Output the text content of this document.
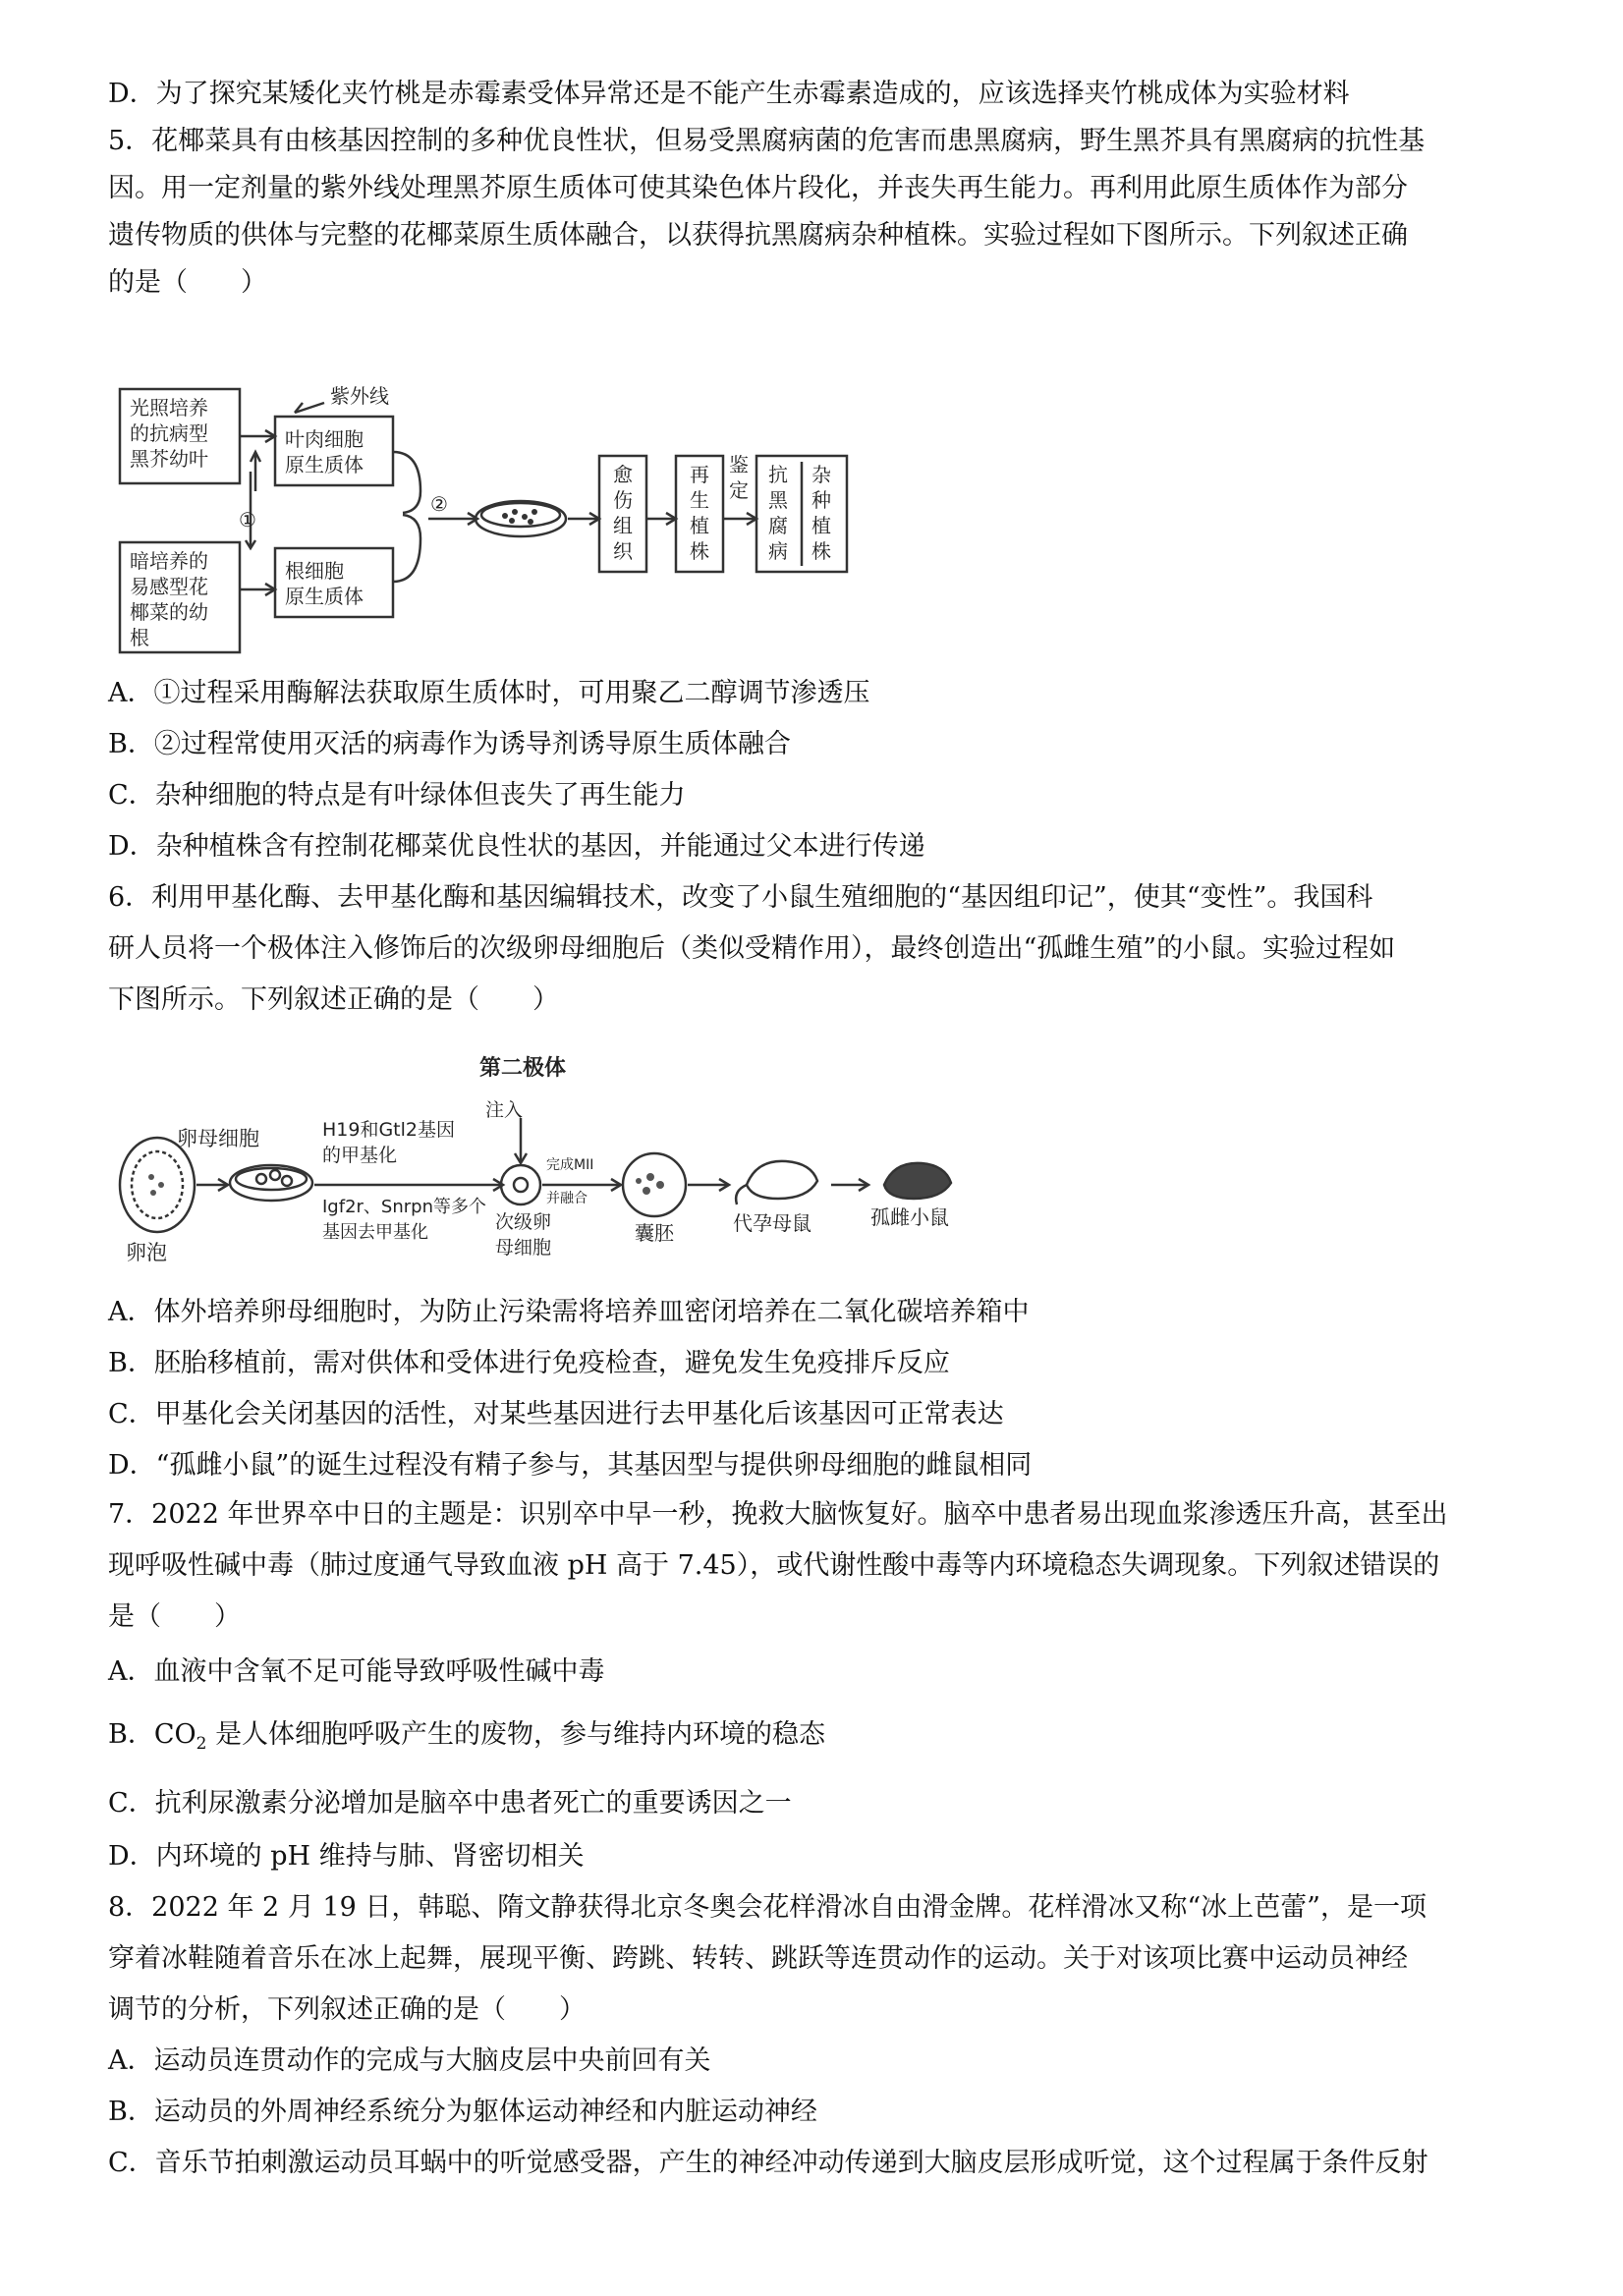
D．为了探究某矮化夹竹桃是赤霉素受体异常还是不能产生赤霉素造成的，应该选择夹竹桃成体为实验材料
5．花椰菜具有由核基因控制的多种优良性状，但易受黑腐病菌的危害而患黑腐病，野生黑芥具有黑腐病的抗性基
因。用一定剂量的紫外线处理黑芥原生质体可使其染色体片段化，并丧失再生能力。再利用此原生质体作为部分
遗传物质的供体与完整的花椰菜原生质体融合，以获得抗黑腐病杂种植株。实验过程如下图所示。下列叙述正确
的是（　　）
光照培养
的抗病型
黑芥幼叶
暗培养的
易感型花
椰菜的幼
根
叶肉细胞
原生质体
根细胞
原生质体
紫外线
①
②
愈
伤
组
织
再
生
植
株
鉴
定
抗
黑
腐
病
杂
种
植
株
A．①过程采用酶解法获取原生质体时，可用聚乙二醇调节渗透压
B．②过程常使用灭活的病毒作为诱导剂诱导原生质体融合
C．杂种细胞的特点是有叶绿体但丧失了再生能力
D．杂种植株含有控制花椰菜优良性状的基因，并能通过父本进行传递
6．利用甲基化酶、去甲基化酶和基因编辑技术，改变了小鼠生殖细胞的“基因组印记”，使其“变性”。我国科
研人员将一个极体注入修饰后的次级卵母细胞后（类似受精作用），最终创造出“孤雌生殖”的小鼠。实验过程如
下图所示。下列叙述正确的是（　　）
第二极体
卵母细胞
卵泡
H19和Gtl2基因
的甲基化
Igf2r、Snrpn等多个
基因去甲基化
注入
完成MII
并融合
次级卵
母细胞
囊胚	代孕母鼠	孤雌小鼠
A．体外培养卵母细胞时，为防止污染需将培养皿密闭培养在二氧化碳培养箱中
B．胚胎移植前，需对供体和受体进行免疫检查，避免发生免疫排斥反应
C．甲基化会关闭基因的活性，对某些基因进行去甲基化后该基因可正常表达
D．“孤雌小鼠”的诞生过程没有精子参与，其基因型与提供卵母细胞的雌鼠相同
7．2022 年世界卒中日的主题是：识别卒中早一秒，挽救大脑恢复好。脑卒中患者易出现血浆渗透压升高，甚至出
现呼吸性碱中毒（肺过度通气导致血液 pH 高于 7.45），或代谢性酸中毒等内环境稳态失调现象。下列叙述错误的
是（　　）
A．血液中含氧不足可能导致呼吸性碱中毒
B．$CO_2$ 是人体细胞呼吸产生的废物，参与维持内环境的稳态
C．抗利尿激素分泌增加是脑卒中患者死亡的重要诱因之一
D．内环境的 pH 维持与肺、肾密切相关
8．2022 年 2 月 19 日，韩聪、隋文静获得北京冬奥会花样滑冰自由滑金牌。花样滑冰又称“冰上芭蕾”，是一项
穿着冰鞋随着音乐在冰上起舞，展现平衡、跨跳、转转、跳跃等连贯动作的运动。关于对该项比赛中运动员神经
调节的分析，下列叙述正确的是（　　）
A．运动员连贯动作的完成与大脑皮层中央前回有关
B．运动员的外周神经系统分为躯体运动神经和内脏运动神经
C．音乐节拍刺激运动员耳蜗中的听觉感受器，产生的神经冲动传递到大脑皮层形成听觉，这个过程属于条件反射
